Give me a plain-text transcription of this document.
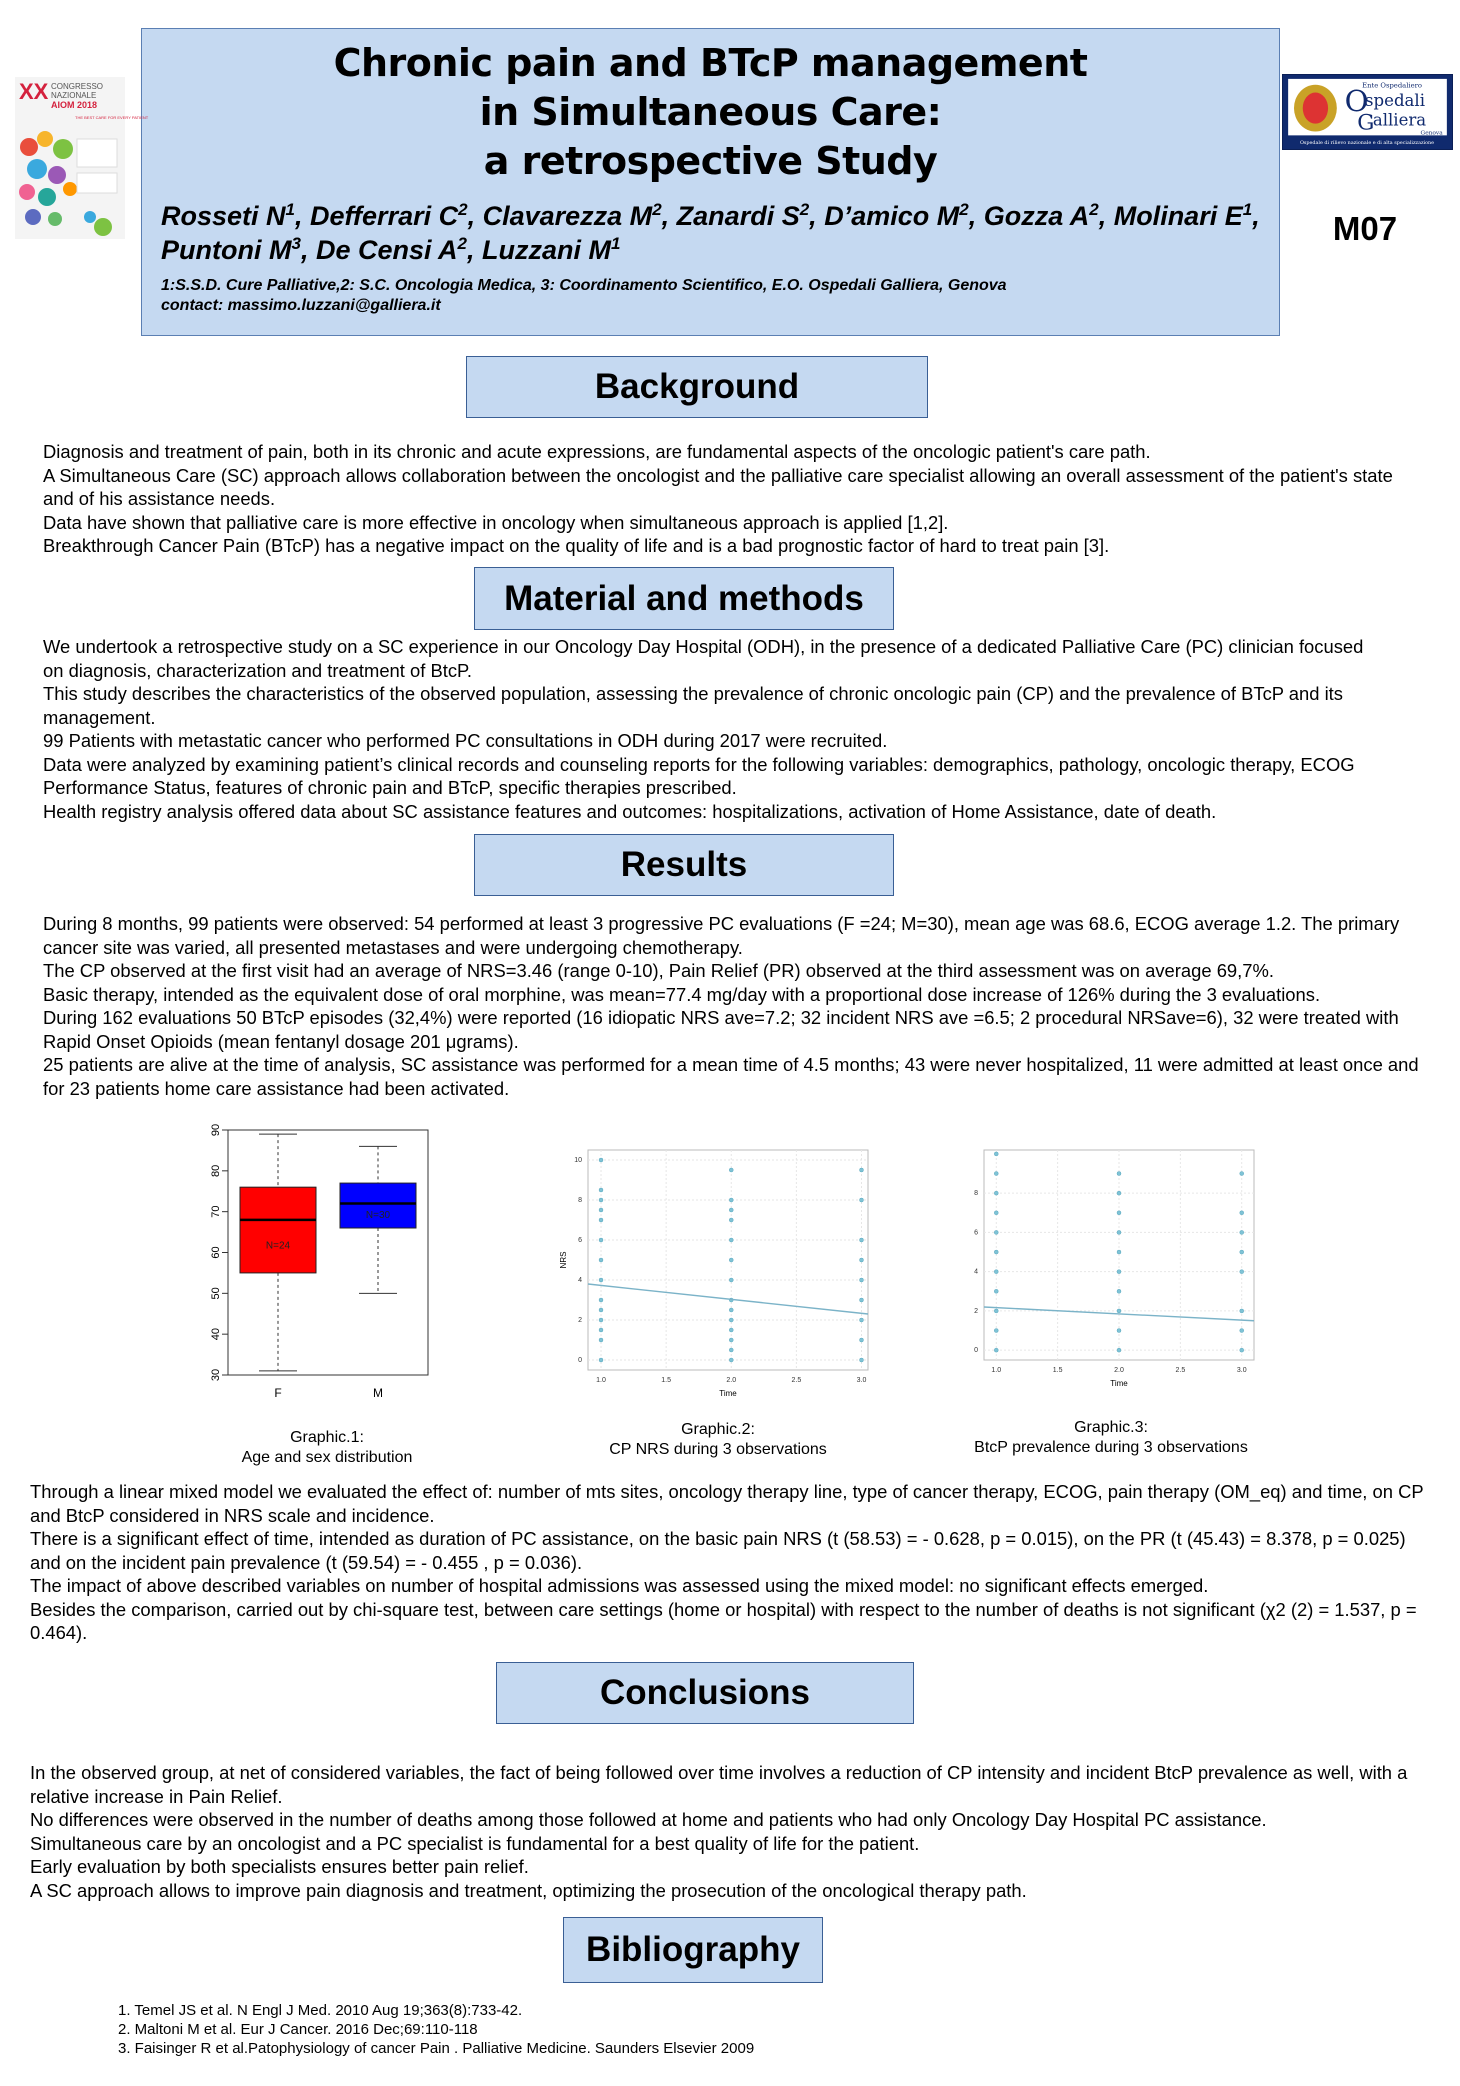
Chronic pain and BTcP management
in Simultaneous Care:
a retrospective Study
Rosseti $N^1$, Defferrari $C^2$, Clavarezza $M^2$, Zanardi $S^2$, D’amico $M^2$, Gozza $A^2$, Molinari $E^1$, Puntoni $M^3$, De Censi $A^2$, Luzzani $M^1$
1:S.S.D. Cure Palliative,2: S.C. Oncologia Medica, 3: Coordinamento Scientifico, E.O. Ospedali Galliera, Genova
contact: massimo.luzzani@galliera.it
XX CONGRESSO
NAZIONALE
AIOM 2018
THE BEST CARE FOR EVERY PATIENT
Ente Ospedaliero
O
spedali
G
alliera
Genova
Ospedale di rilievo nazionale e di alta specializzazione
M07
Background

Diagnosis and treatment of pain, both in its chronic and acute expressions, are fundamental aspects of the oncologic patient's care path.

A Simultaneous Care (SC) approach allows collaboration between the oncologist and the palliative care specialist allowing an overall assessment of the patient's state and of his assistance needs.

Data have shown that palliative care is more effective in oncology when simultaneous approach is applied [1,2].

Breakthrough Cancer Pain (BTcP) has a negative impact on the quality of life and is a bad prognostic factor of hard to treat pain [3].

Material and methods

We undertook a retrospective study on a SC experience in our Oncology Day Hospital (ODH), in the presence of a dedicated Palliative Care (PC) clinician focused on diagnosis, characterization and treatment of BtcP.

This study describes the characteristics of the observed population, assessing the prevalence of chronic oncologic pain (CP) and the prevalence of BTcP and its management.

99 Patients with metastatic cancer who performed PC consultations in ODH during 2017 were recruited.

Data were analyzed by examining patient’s clinical records and counseling reports for the following variables: demographics, pathology, oncologic therapy, ECOG Performance Status, features of chronic pain and BTcP, specific therapies prescribed.

Health registry analysis offered data about SC assistance features and outcomes: hospitalizations, activation of Home Assistance, date of death.

Results

During 8 months, 99 patients were observed: 54 performed at least 3 progressive PC evaluations (F =24; M=30), mean age was 68.6, ECOG average 1.2. The primary cancer site was varied, all presented metastases and were undergoing chemotherapy.

The CP observed at the first visit had an average of NRS=3.46 (range 0-10), Pain Relief (PR) observed at the third assessment was on average 69,7%.

Basic therapy, intended as the equivalent dose of oral morphine, was mean=77.4 mg/day with a proportional dose increase of 126% during the 3 evaluations.

During 162 evaluations 50 BTcP episodes (32,4%) were reported (16 idiopatic NRS ave=7.2; 32 incident NRS ave =6.5; 2 procedural NRSave=6), 32 were treated with Rapid Onset Opioids (mean fentanyl dosage 201 μgrams).

25 patients are alive at the time of analysis, SC assistance was performed for a mean time of 4.5 months; 43 were never hospitalized, 11 were admitted at least once and for 23 patients home care assistance had been activated.

30
40
50
60
70
80
90
N=24
F
N=30
M
Graphic.1:
Age and sex distribution
1.0	1.5	2.0	2.5	3.0
0
2
4
6
8
10
Time
NRS
Graphic.2:
CP NRS during 3 observations
1.0	1.5	2.0	2.5	3.0
0
2
4
6
8
Time
Graphic.3:
BtcP prevalence during 3 observations

Through a linear mixed model we evaluated the effect of: number of mts sites, oncology therapy line, type of cancer therapy, ECOG, pain therapy (OM_eq) and time, on CP and BtcP considered in NRS scale and incidence.

There is a significant effect of time, intended as duration of PC assistance, on the basic pain NRS (t (58.53) = - 0.628, p = 0.015), on the PR (t (45.43) = 8.378, p = 0.025) and on the incident pain prevalence (t (59.54) = - 0.455 , p = 0.036).

The impact of above described variables on number of hospital admissions was assessed using the mixed model: no significant effects emerged.

Besides the comparison, carried out by chi-square test, between care settings (home or hospital) with respect to the number of deaths is not significant (χ2 (2) = 1.537, p = 0.464).

Conclusions

In the observed group, at net of considered variables, the fact of being followed over time involves a reduction of CP intensity and incident BtcP prevalence as well, with a relative increase in Pain Relief.

No differences were observed in the number of deaths among those followed at home and patients who had only Oncology Day Hospital PC assistance.

Simultaneous care by an oncologist and a PC specialist is fundamental for a best quality of life for the patient.

Early evaluation by both specialists ensures better pain relief.

A SC approach allows to improve pain diagnosis and treatment, optimizing the prosecution of the oncological therapy path.

Bibliography

1. Temel JS et al. N Engl J Med. 2010 Aug 19;363(8):733-42.

2. Maltoni M et al. Eur J Cancer. 2016 Dec;69:110-118

3. Faisinger R et al.Patophysiology of cancer Pain . Palliative Medicine. Saunders Elsevier 2009
